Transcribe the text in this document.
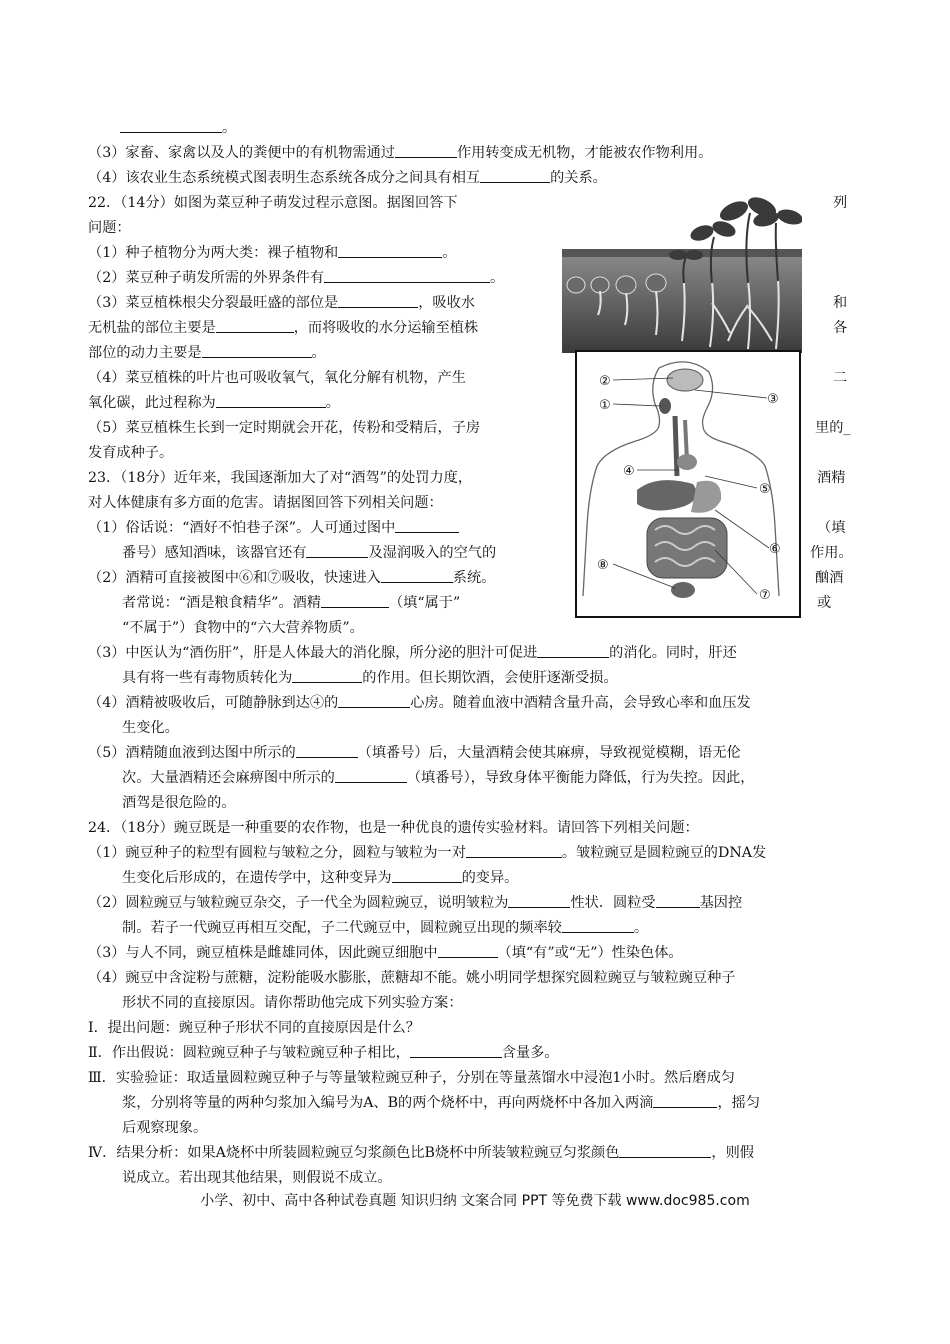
。
（3）家畜、家禽以及人的粪便中的有机物需通过	作用转变成无机物，才能被农作物利用。
（4）该农业生态系统模式图表明生态系统各成分之间具有相互	的关系。
22．（14分）如图为菜豆种子萌发过程示意图。据图回答下	列
问题：
（1）种子植物分为两大类：裸子植物和	。
（2）菜豆种子萌发所需的外界条件有	。
（3）菜豆植株根尖分裂最旺盛的部位是	，吸收水	和
无机盐的部位主要是	，而将吸收的水分运输至植株	各
部位的动力主要是	。
（4）菜豆植株的叶片也可吸收氧气，氧化分解有机物，产生	二
氧化碳，此过程称为	。
（5）菜豆植株生长到一定时期就会开花，传粉和受精后，子房	里的_
发育成种子。
23．（18分）近年来，我国逐渐加大了对“酒驾”的处罚力度，	酒精
对人体健康有多方面的危害。请据图回答下列相关问题：
（1）俗话说：“酒好不怕巷子深”。人可通过图中	（填
番号）感知酒味，该器官还有	及湿润吸入的空气的	作用。
（2）酒精可直接被图中⑥和⑦吸收，快速进入	系统。	酗酒
者常说：“酒是粮食精华”。酒精	（填“属于”	或
“不属于”）食物中的“六大营养物质”。
（3）中医认为“酒伤肝”，肝是人体最大的消化腺，所分泌的胆汁可促进	的消化。同时，肝还
具有将一些有毒物质转化为	的作用。但长期饮酒，会使肝逐渐受损。
（4）酒精被吸收后，可随静脉到达④的	心房。随着血液中酒精含量升高，会导致心率和血压发
生变化。
（5）酒精随血液到达图中所示的	（填番号）后，大量酒精会使其麻痹，导致视觉模糊，语无伦
次。大量酒精还会麻痹图中所示的	（填番号），导致身体平衡能力降低，行为失控。因此，
酒驾是很危险的。
24．（18分）豌豆既是一种重要的农作物，也是一种优良的遗传实验材料。请回答下列相关问题：
（1）豌豆种子的粒型有圆粒与皱粒之分，圆粒与皱粒为一对	。皱粒豌豆是圆粒豌豆的DNA发
生变化后形成的，在遗传学中，这种变异为	的变异。
（2）圆粒豌豆与皱粒豌豆杂交，子一代全为圆粒豌豆，说明皱粒为	性状．圆粒受	基因控
制。若子一代豌豆再相互交配，子二代豌豆中，圆粒豌豆出现的频率较	。
（3）与人不同，豌豆植株是雌雄同体，因此豌豆细胞中	（填“有”或“无”）性染色体。
（4）豌豆中含淀粉与蔗糖，淀粉能吸水膨胀，蔗糖却不能。姚小明同学想探究圆粒豌豆与皱粒豌豆种子
形状不同的直接原因。请你帮助他完成下列实验方案：
Ⅰ．提出问题：豌豆种子形状不同的直接原因是什么？
Ⅱ．作出假说：圆粒豌豆种子与皱粒豌豆种子相比，	含量多。
Ⅲ．实验验证：取适量圆粒豌豆种子与等量皱粒豌豆种子，分别在等量蒸馏水中浸泡1小时。然后磨成匀
浆，分别将等量的两种匀浆加入编号为A、B的两个烧杯中，再向两烧杯中各加入两滴	，摇匀
后观察现象。
Ⅳ．结果分析：如果A烧杯中所装圆粒豌豆匀浆颜色比B烧杯中所装皱粒豌豆匀浆颜色	，则假
说成立。若出现其他结果，则假说不成立。
②
①	③
④
⑤
⑥
⑧
⑦
小学、初中、高中各种试卷真题 知识归纳 文案合同 PPT 等免费下载 www.doc985.com
